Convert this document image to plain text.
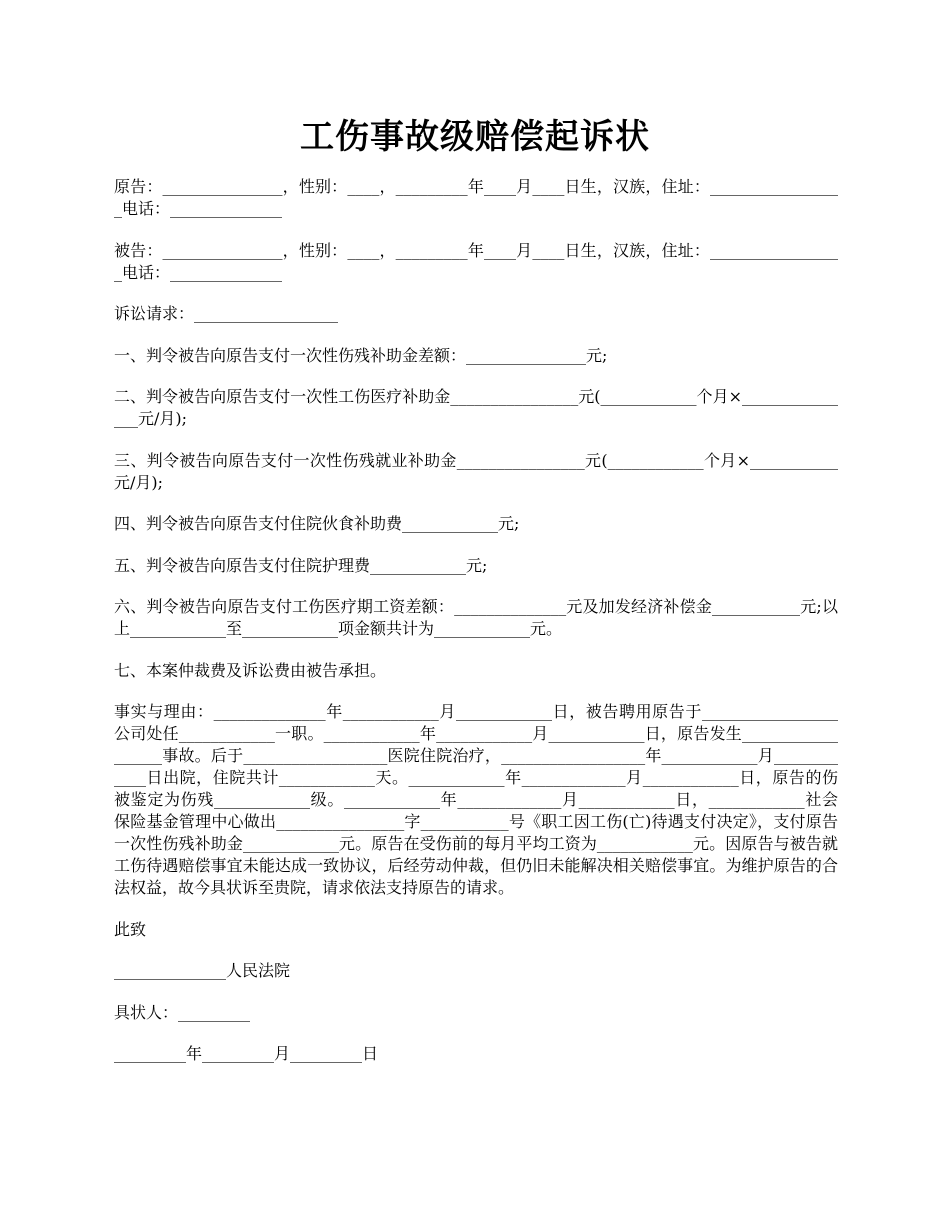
工伤事故级赔偿起诉状

原告：_______________，性别：____，_________年____月____日生，汉族，住址：_________________电话：______________

被告：_______________，性别：____，_________年____月____日生，汉族，住址：_________________电话：______________

诉讼请求：__________________

一、判令被告向原告支付一次性伤残补助金差额：_______________元;

二、判令被告向原告支付一次性工伤医疗补助金________________元(____________个月×_______________元/月);

三、判令被告向原告支付一次性伤残就业补助金________________元(____________个月×___________元/月);

四、判令被告向原告支付住院伙食补助费____________元;

五、判令被告向原告支付住院护理费____________元;

六、判令被告向原告支付工伤医疗期工资差额：______________元及加发经济补偿金___________元;以上____________至____________项金额共计为____________元。

七、本案仲裁费及诉讼费由被告承担。

事实与理由：______________年____________月____________日，被告聘用原告于_________________公司处任____________一职。____________年____________月____________日，原告发生__________________事故。后于__________________医院住院治疗，__________________年____________月____________日出院，住院共计____________天。____________年_____________月____________日，原告的伤被鉴定为伤残____________级。____________年_____________月____________日，____________社会保险基金管理中心做出________________字___________号《职工因工伤(亡)待遇支付决定》，支付原告一次性伤残补助金____________元。原告在受伤前的每月平均工资为____________元。因原告与被告就工伤待遇赔偿事宜未能达成一致协议，后经劳动仲裁，但仍旧未能解决相关赔偿事宜。为维护原告的合法权益，故今具状诉至贵院，请求依法支持原告的请求。

此致

______________人民法院

具状人：_________

_________年_________月_________日
